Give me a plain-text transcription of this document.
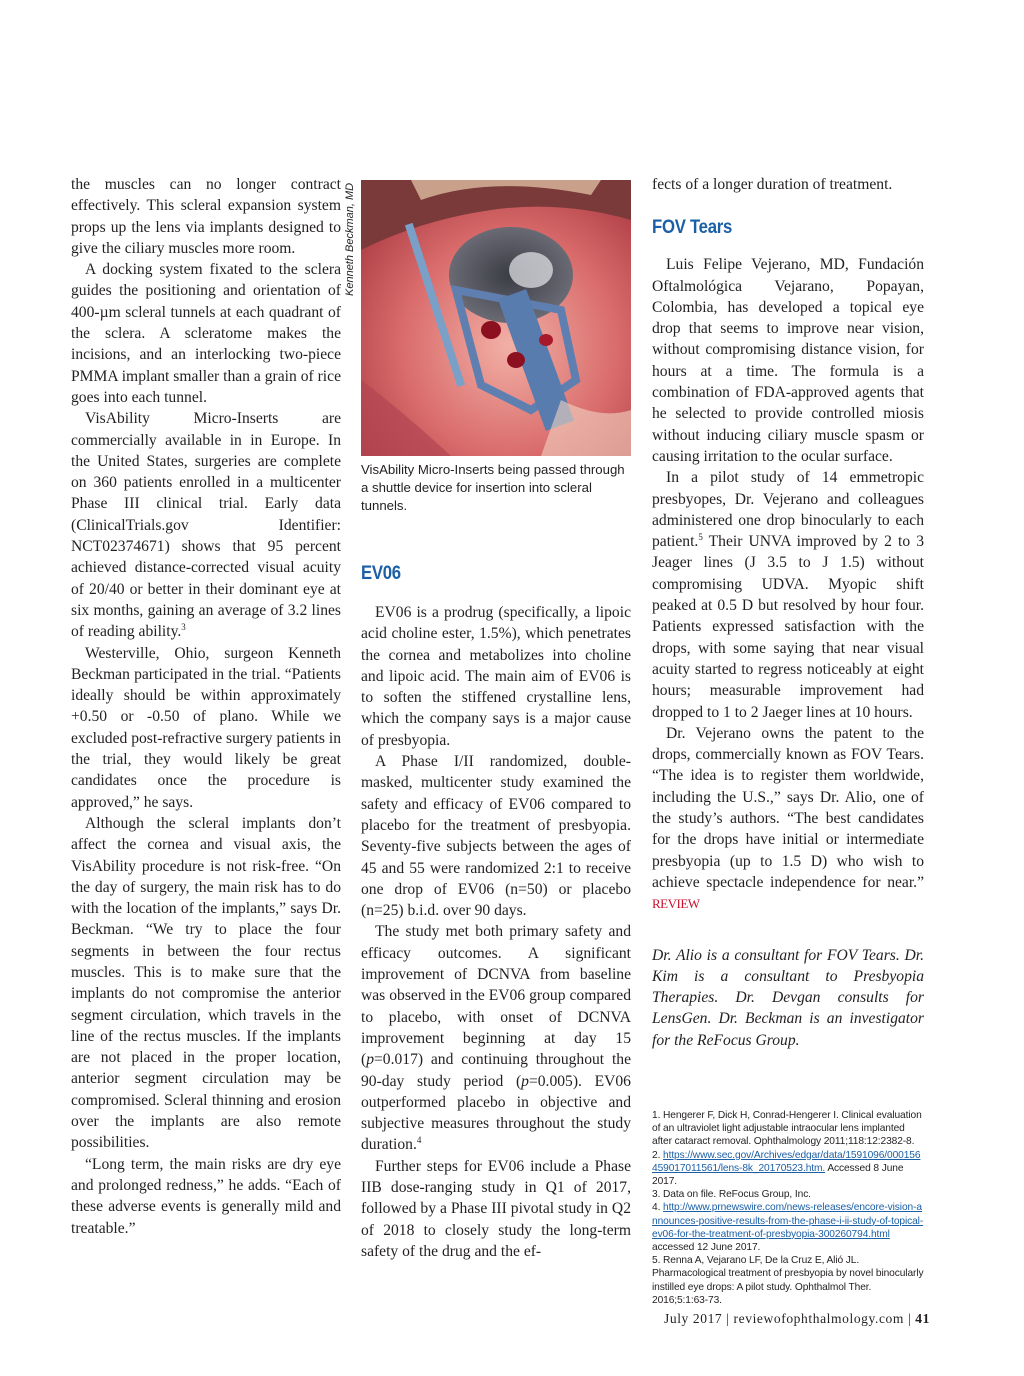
the muscles can no longer contract effectively. This scleral expansion system props up the lens via implants designed to give the ciliary muscles more room.

A docking system fixated to the sclera guides the positioning and orientation of 400-µm scleral tunnels at each quadrant of the sclera. A scleratome makes the incisions, and an interlocking two-piece PMMA implant smaller than a grain of rice goes into each tunnel.

VisAbility Micro-Inserts are commercially available in in Europe. In the United States, surgeries are complete on 360 patients enrolled in a multicenter Phase III clinical trial. Early data (ClinicalTrials.gov Identifier: NCT02374671) shows that 95 percent achieved distance-corrected visual acuity of 20/40 or better in their dominant eye at six months, gaining an average of 3.2 lines of reading ability.$^3$

Westerville, Ohio, surgeon Kenneth Beckman participated in the trial. “Patients ideally should be within approximately +0.50 or -0.50 of plano. While we excluded post-refractive surgery patients in the trial, they would likely be great candidates once the procedure is approved,” he says.

Although the scleral implants don’t affect the cornea and visual axis, the VisAbility procedure is not risk-free. “On the day of surgery, the main risk has to do with the location of the implants,” says Dr. Beckman. “We try to place the four segments in between the four rectus muscles. This is to make sure that the implants do not compromise the anterior segment circulation, which travels in the line of the rectus muscles. If the implants are not placed in the proper location, anterior segment circulation may be compromised. Scleral thinning and erosion over the implants are also remote possibilities.

“Long term, the main risks are dry eye and prolonged redness,” he adds. “Each of these adverse events is generally mild and treatable.”

Kenneth Beckman, MD
VisAbility Micro-Inserts being passed through a shuttle device for insertion into scleral tunnels.
EV06

EV06 is a prodrug (specifically, a lipoic acid choline ester, 1.5%), which penetrates the cornea and metabolizes into choline and lipoic acid. The main aim of EV06 is to soften the stiffened crystalline lens, which the company says is a major cause of presbyopia.

A Phase I/II randomized, double-masked, multicenter study examined the safety and efficacy of EV06 compared to placebo for the treatment of presbyopia. Seventy-five subjects between the ages of 45 and 55 were randomized 2:1 to receive one drop of EV06 (n=50) or placebo (n=25) b.i.d. over 90 days.

The study met both primary safety and efficacy outcomes. A significant improvement of DCNVA from baseline was observed in the EV06 group compared to placebo, with onset of DCNVA improvement beginning at day 15 (p=0.017) and continuing throughout the 90-day study period (p=0.005). EV06 outperformed placebo in objective and subjective measures throughout the study duration.$^4$

Further steps for EV06 include a Phase IIB dose-ranging study in Q1 of 2017, followed by a Phase III pivotal study in Q2 of 2018 to closely study the long-term safety of the drug and the ef-

fects of a longer duration of treatment.

FOV Tears

Luis Felipe Vejerano, MD, Fundación Oftalmológica Vejarano, Popayan, Colombia, has developed a topical eye drop that seems to improve near vision, without compromising distance vision, for hours at a time. The formula is a combination of FDA-approved agents that he selected to provide controlled miosis without inducing ciliary muscle spasm or causing irritation to the ocular surface.

In a pilot study of 14 emmetropic presbyopes, Dr. Vejerano and colleagues administered one drop binocularly to each patient.$^5$ Their UNVA improved by 2 to 3 Jeager lines (J 3.5 to J 1.5) without compromising UDVA. Myopic shift peaked at 0.5 D but resolved by hour four. Patients expressed satisfaction with the drops, with some saying that near visual acuity started to regress noticeably at eight hours; measurable improvement had dropped to 1 to 2 Jaeger lines at 10 hours.

Dr. Vejerano owns the patent to the drops, commercially known as FOV Tears. “The idea is to register them worldwide, including the U.S.,” says Dr. Alio, one of the study’s authors. “The best candidates for the drops have initial or intermediate presbyopia (up to 1.5 D) who wish to achieve spectacle independence for near.” REVIEW

Dr. Alio is a consultant for FOV Tears. Dr. Kim is a consultant to Presbyopia Therapies. Dr. Devgan consults for LensGen. Dr. Beckman is an investigator for the ReFocus Group.

1. Hengerer F, Dick H, Conrad-Hengerer I. Clinical evaluation of an ultraviolet light adjustable intraocular lens implanted after cataract removal. Ophthalmology 2011;118:12:2382-8.
2. https://www.sec.gov/Archives/edgar/data/1591096/000156459017011561/lens-8k_20170523.htm. Accessed 8 June 2017.
3. Data on file. ReFocus Group, Inc.
4. http://www.prnewswire.com/news-releases/encore-vision-announces-positive-results-from-the-phase-i-ii-study-of-topical-ev06-for-the-treatment-of-presbyopia-300260794.html accessed 12 June 2017.
5. Renna A, Vejarano LF, De la Cruz E, Alió JL. Pharmacological treatment of presbyopia by novel binocularly instilled eye drops: A pilot study. Ophthalmol Ther. 2016;5:1:63-73.
July 2017 | reviewofophthalmology.com | 41
